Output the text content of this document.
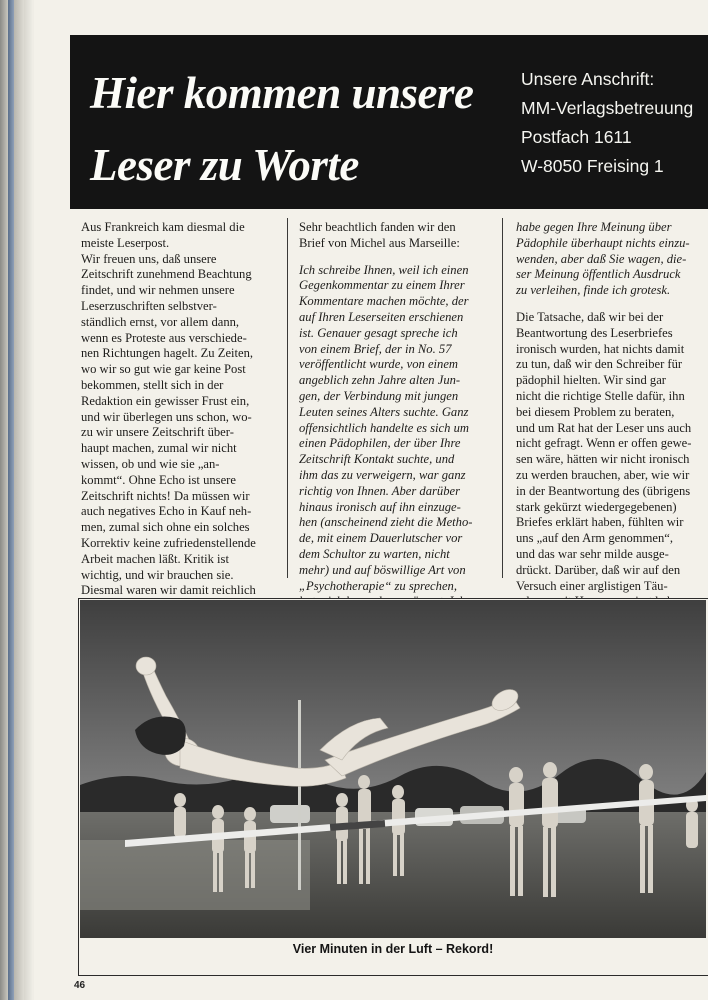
Hier kommen unsere
Leser zu Worte
Unsere Anschrift:
MM-Verlagsbetreuung
Postfach 1611
W-8050 Freising 1

Aus Frankreich kam diesmal die
meiste Leserpost.
Wir freuen uns, daß unsere
Zeitschrift zunehmend Beachtung
findet, und wir nehmen unsere
Leserzuschriften selbstver-
ständlich ernst, vor allem dann,
wenn es Proteste aus verschiede-
nen Richtungen hagelt. Zu Zeiten,
wo wir so gut wie gar keine Post
bekommen, stellt sich in der
Redaktion ein gewisser Frust ein,
und wir überlegen uns schon, wo-
zu wir unsere Zeitschrift über-
haupt machen, zumal wir nicht
wissen, ob und wie sie „an-
kommt“. Ohne Echo ist unsere
Zeitschrift nichts! Da müssen wir
auch negatives Echo in Kauf neh-
men, zumal sich ohne ein solches
Korrektiv keine zufriedenstellende
Arbeit machen läßt. Kritik ist
wichtig, und wir brauchen sie.
Diesmal waren wir damit reichlich

Sehr beachtlich fanden wir den
Brief von Michel aus Marseille:

Ich schreibe Ihnen, weil ich einen
Gegenkommentar zu einem Ihrer
Kommentare machen möchte, der
auf Ihren Leserseiten erschienen
ist. Genauer gesagt spreche ich
von einem Brief, der in No. 57
veröffentlicht wurde, von einem
angeblich zehn Jahre alten Jun-
gen, der Verbindung mit jungen
Leuten seines Alters suchte. Ganz
offensichtlich handelte es sich um
einen Pädophilen, der über Ihre
Zeitschrift Kontakt suchte, und
ihm das zu verweigern, war ganz
richtig von Ihnen. Aber darüber
hinaus ironisch auf ihn einzuge-
hen (anscheinend zieht die Metho-
de, mit einem Dauerlutscher vor
dem Schultor zu warten, nicht
mehr) und auf böswillige Art von
„Psychotherapie“ zu sprechen,

habe gegen Ihre Meinung über
Pädophile überhaupt nichts einzu-
wenden, aber daß Sie wagen, die-
ser Meinung öffentlich Ausdruck
zu verleihen, finde ich grotesk.

Die Tatsache, daß wir bei der
Beantwortung des Leserbriefes
ironisch wurden, hat nichts damit
zu tun, daß wir den Schreiber für
pädophil hielten. Wir sind gar
nicht die richtige Stelle dafür, ihn
bei diesem Problem zu beraten,
und um Rat hat der Leser uns auch
nicht gefragt. Wenn er offen gewe-
sen wäre, hätten wir nicht ironisch
zu werden brauchen, aber, wie wir
in der Beantwortung des (übrigens
stark gekürzt wiedergegebenen)
Briefes erklärt haben, fühlten wir
uns „auf den Arm genommen“,
und das war sehr milde ausge-
drückt. Darüber, daß wir auf den
Versuch einer arglistigen Täu-

Vier Minuten in der Luft – Rekord!
46
